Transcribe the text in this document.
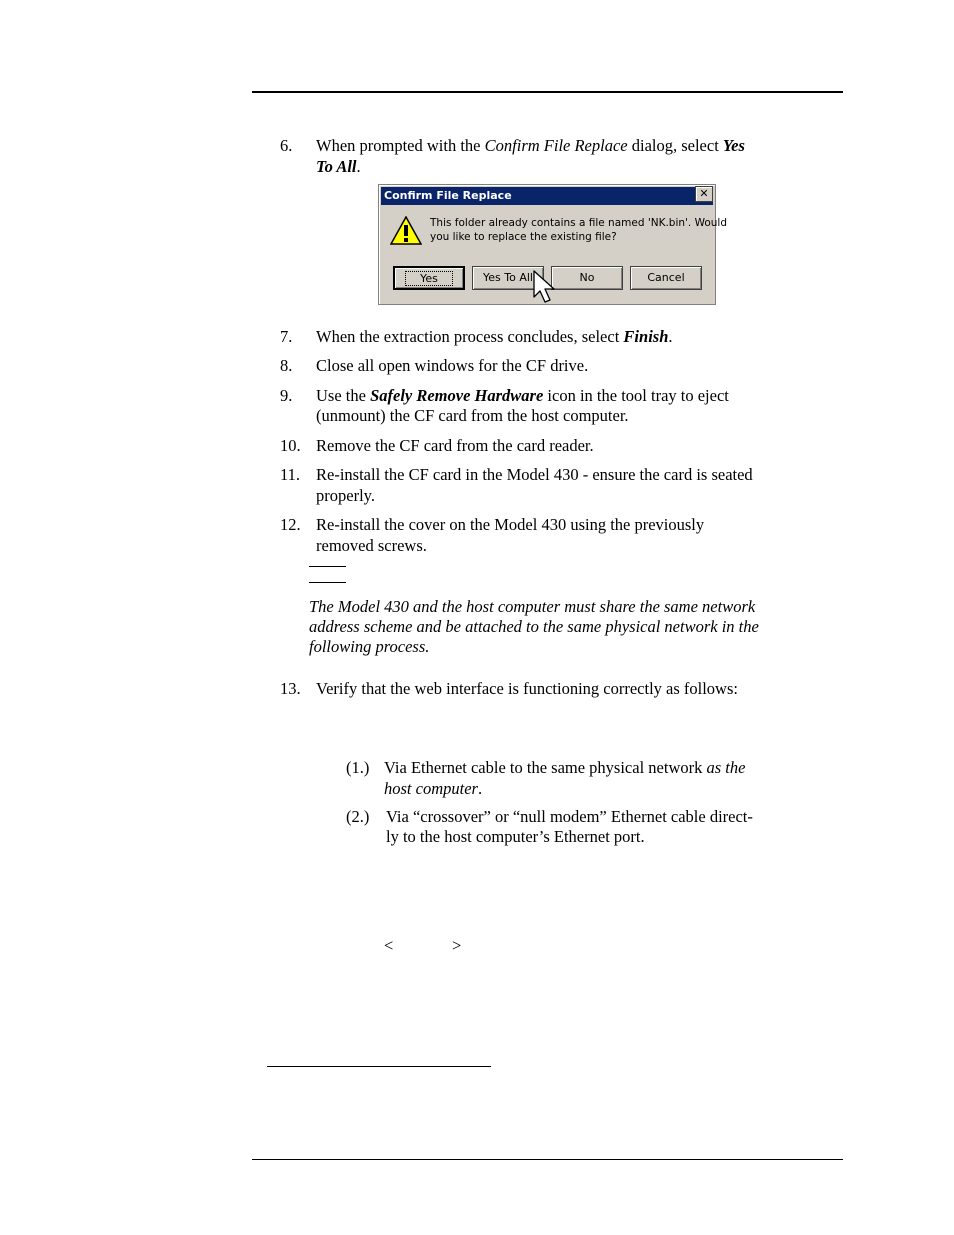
6. When prompted with the Confirm File Replace dialog, select Yes
To All.
Confirm File Replace	✕
This folder already contains a file named 'NK.bin'. Would
you like to replace the existing file?
Yes	Yes To All	No	Cancel
7. When the extraction process concludes, select Finish.
8. Close all open windows for the CF drive.
9. Use the Safely Remove Hardware icon in the tool tray to eject
(unmount) the CF card from the host computer.
10. Remove the CF card from the card reader.
11. Re-install the CF card in the Model 430 - ensure the card is seated
properly.
12. Re-install the cover on the Model 430 using the previously
removed screws.
The Model 430 and the host computer must share the same network
address scheme and be attached to the same physical network in the
following process.
13. Verify that the web interface is functioning correctly as follows:
(1.) Via Ethernet cable to the same physical network as the
host computer.
(2.) Via “crossover” or “null modem” Ethernet cable direct-
ly to the host computer’s Ethernet port.
<	>
